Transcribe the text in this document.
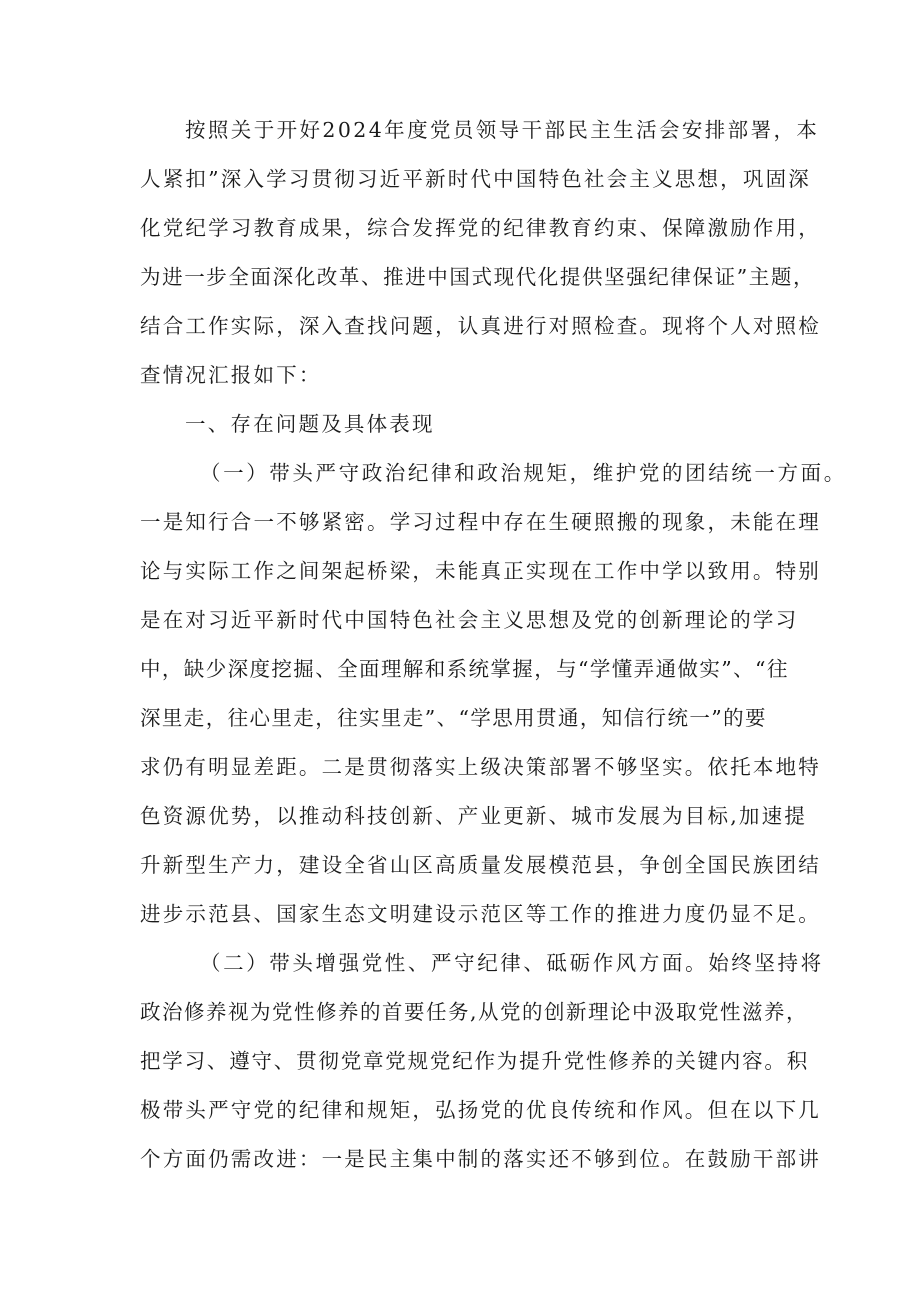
按照关于开好2024年度党员领导干部民主生活会安排部署，本
人紧扣”深入学习贯彻习近平新时代中国特色社会主义思想，巩固深
化党纪学习教育成果，综合发挥党的纪律教育约束、保障激励作用，
为进一步全面深化改革、推进中国式现代化提供坚强纪律保证”主题，
结合工作实际，深入查找问题，认真进行对照检查。现将个人对照检
查情况汇报如下：
一、存在问题及具体表现
（一）带头严守政治纪律和政治规矩，维护党的团结统一方面。
一是知行合一不够紧密。学习过程中存在生硬照搬的现象，未能在理
论与实际工作之间架起桥梁，未能真正实现在工作中学以致用。特别
是在对习近平新时代中国特色社会主义思想及党的创新理论的学习
中，缺少深度挖掘、全面理解和系统掌握，与“学懂弄通做实”、“往
深里走，往心里走，往实里走”、“学思用贯通，知信行统一”的要
求仍有明显差距。二是贯彻落实上级决策部署不够坚实。依托本地特
色资源优势，以推动科技创新、产业更新、城市发展为目标,加速提
升新型生产力，建设全省山区高质量发展模范县，争创全国民族团结
进步示范县、国家生态文明建设示范区等工作的推进力度仍显不足。
（二）带头增强党性、严守纪律、砥砺作风方面。始终坚持将
政治修养视为党性修养的首要任务,从党的创新理论中汲取党性滋养，
把学习、遵守、贯彻党章党规党纪作为提升党性修养的关键内容。积
极带头严守党的纪律和规矩，弘扬党的优良传统和作风。但在以下几
个方面仍需改进：一是民主集中制的落实还不够到位。在鼓励干部讲
